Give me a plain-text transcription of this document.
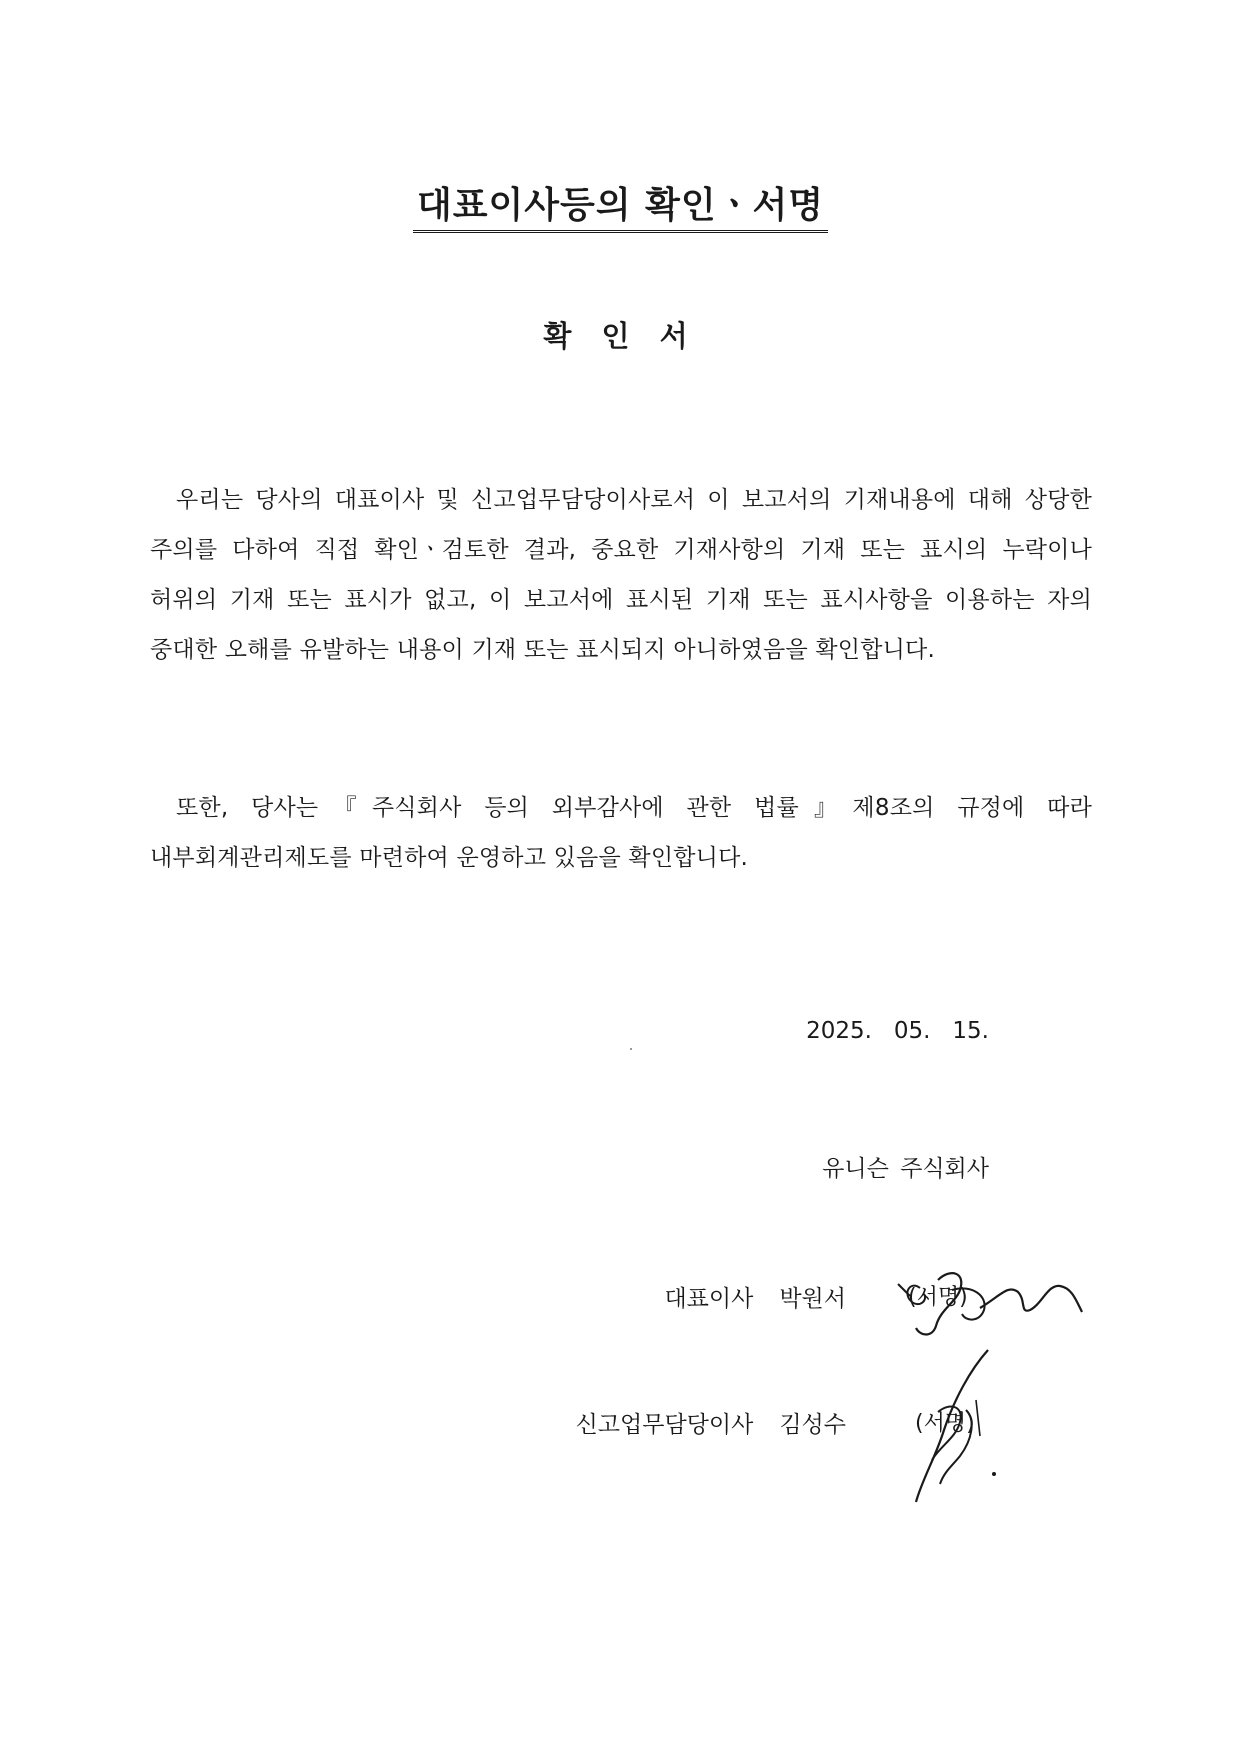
대표이사등의 확인ㆍ서명
확 인 서

우리는 당사의 대표이사 및 신고업무담당이사로서 이 보고서의 기재내용에 대해 상당한 주의를 다하여 직접 확인ㆍ검토한 결과, 중요한 기재사항의 기재 또는 표시의 누락이나 허위의 기재 또는 표시가 없고, 이 보고서에 표시된 기재 또는 표시사항을 이용하는 자의 중대한 오해를 유발하는 내용이 기재 또는 표시되지 아니하였음을 확인합니다.

또한, 당사는『주식회사 등의 외부감사에 관한 법률』제8조의 규정에 따라 내부회계관리제도를 마련하여 운영하고 있음을 확인합니다.

2025.   05.   15.
유니슨 주식회사
대표이사 박원서	(서명)
신고업무담당이사 김성수	(서명)
